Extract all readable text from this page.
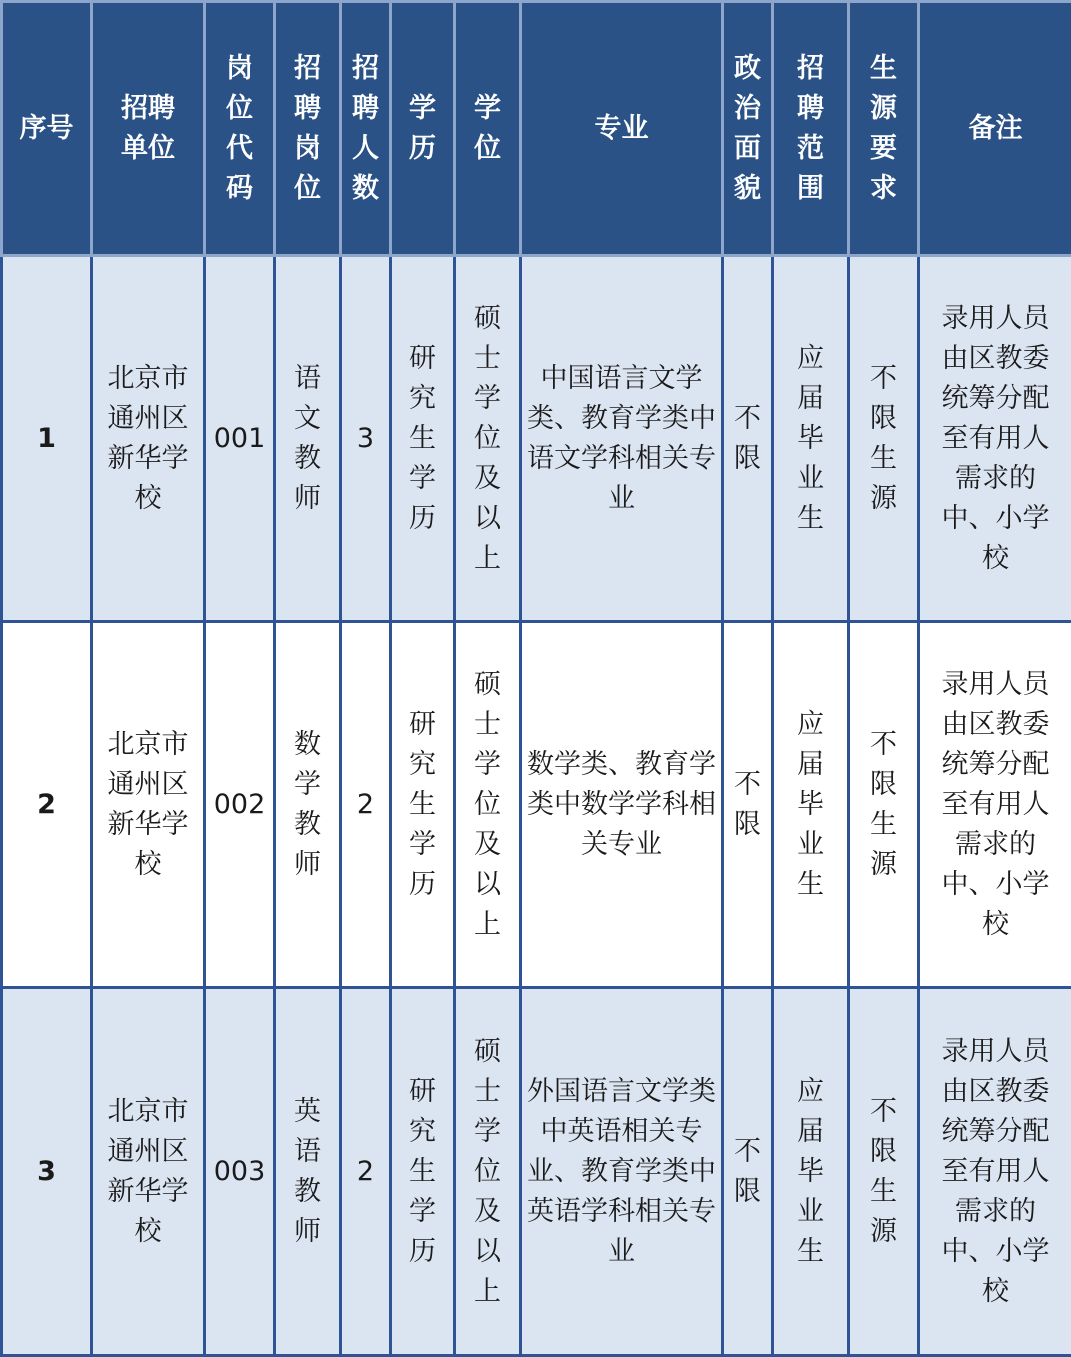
序号	招聘单位	岗位代码	招聘岗位	招聘人数	学历	学位	专业	政治面貌	招聘范围	生源要求	备注
1	北京市通州区新华学校	001	语文教师	3	研究生学历	硕士学位及以上	中国语言文学类、教育学类中语文学科相关专业	不限	应届毕业生	不限生源	录用人员由区教委统筹分配至有用人需求的中、小学校
2	北京市通州区新华学校	002	数学教师	2	研究生学历	硕士学位及以上	数学类、教育学类中数学学科相关专业	不限	应届毕业生	不限生源	录用人员由区教委统筹分配至有用人需求的中、小学校
3	北京市通州区新华学校	003	英语教师	2	研究生学历	硕士学位及以上	外国语言文学类中英语相关专业、教育学类中英语学科相关专业	不限	应届毕业生	不限生源	录用人员由区教委统筹分配至有用人需求的中、小学校
